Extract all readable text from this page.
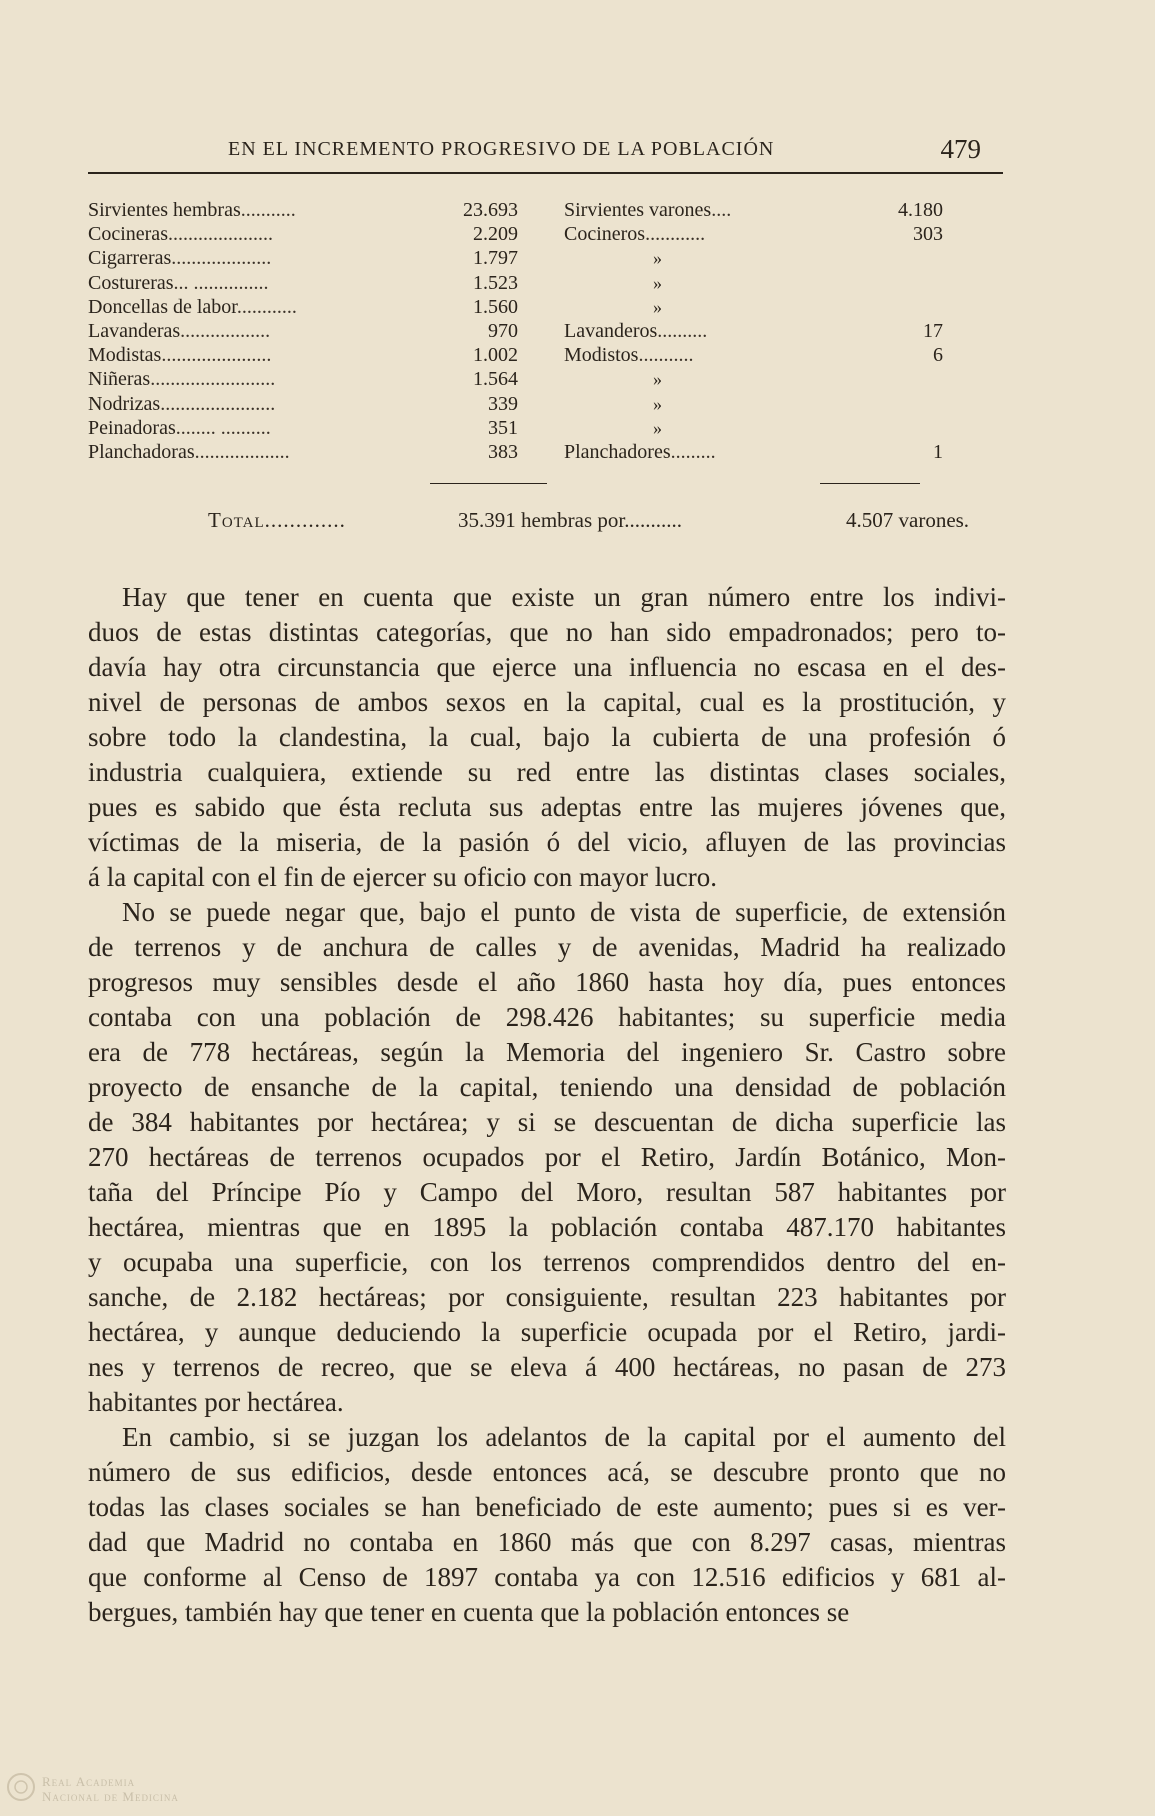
EN EL INCREMENTO PROGRESIVO DE LA POBLACIÓN	479
Sirvientes hembras...........	23.693 Sirvientes varones....	4.180
Cocineras.....................	2.209 Cocineros............	303
Cigarreras....................	1.797	»
Costureras... ...............	1.523	»
Doncellas de labor............	1.560	»
Lavanderas..................	970 Lavanderos..........	17
Modistas......................	1.002 Modistos...........	6
Niñeras.........................	1.564	»
Nodrizas.......................	339	»
Peinadoras........ ..........	351	»
Planchadoras...................	383 Planchadores.........	1
Total.............	35.391 hembras por...........	4.507 varones.
Hay que tener en cuenta que existe un gran número entre los indivi-
duos de estas distintas categorías, que no han sido empadronados; pero to-
davía hay otra circunstancia que ejerce una influencia no escasa en el des-
nivel de personas de ambos sexos en la capital, cual es la prostitución, y
sobre todo la clandestina, la cual, bajo la cubierta de una profesión ó
industria cualquiera, extiende su red entre las distintas clases sociales,
pues es sabido que ésta recluta sus adeptas entre las mujeres jóvenes que,
víctimas de la miseria, de la pasión ó del vicio, afluyen de las provincias
á la capital con el fin de ejercer su oficio con mayor lucro.
No se puede negar que, bajo el punto de vista de superficie, de extensión
de terrenos y de anchura de calles y de avenidas, Madrid ha realizado
progresos muy sensibles desde el año 1860 hasta hoy día, pues entonces
contaba con una población de 298.426 habitantes; su superficie media
era de 778 hectáreas, según la Memoria del ingeniero Sr. Castro sobre
proyecto de ensanche de la capital, teniendo una densidad de población
de 384 habitantes por hectárea; y si se descuentan de dicha superficie las
270 hectáreas de terrenos ocupados por el Retiro, Jardín Botánico, Mon-
taña del Príncipe Pío y Campo del Moro, resultan 587 habitantes por
hectárea, mientras que en 1895 la población contaba 487.170 habitantes
y ocupaba una superficie, con los terrenos comprendidos dentro del en-
sanche, de 2.182 hectáreas; por consiguiente, resultan 223 habitantes por
hectárea, y aunque deduciendo la superficie ocupada por el Retiro, jardi-
nes y terrenos de recreo, que se eleva á 400 hectáreas, no pasan de 273
habitantes por hectárea.
En cambio, si se juzgan los adelantos de la capital por el aumento del
número de sus edificios, desde entonces acá, se descubre pronto que no
todas las clases sociales se han beneficiado de este aumento; pues si es ver-
dad que Madrid no contaba en 1860 más que con 8.297 casas, mientras
que conforme al Censo de 1897 contaba ya con 12.516 edificios y 681 al-
bergues, también hay que tener en cuenta que la población entonces se
Real Academia
Nacional de Medicina
